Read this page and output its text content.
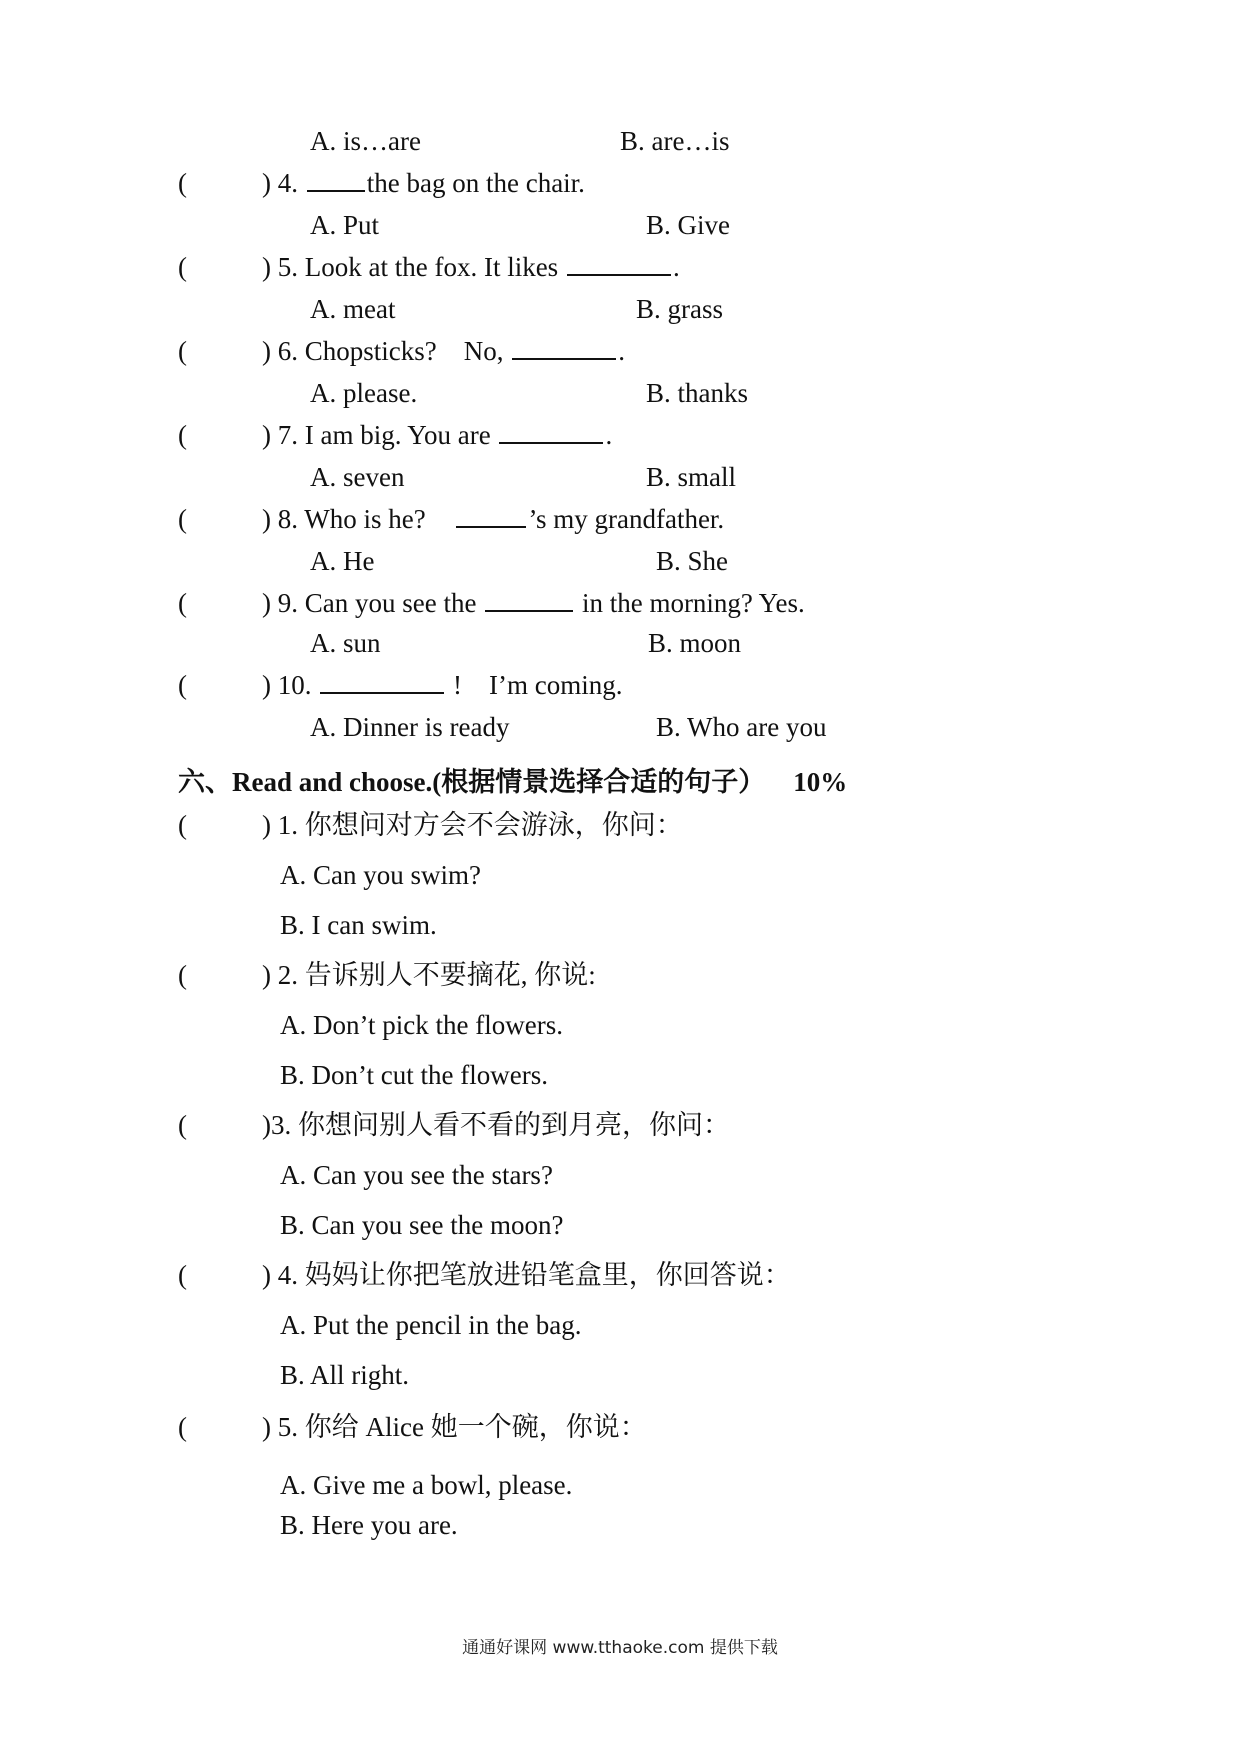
A. is…are	B. are…is
(	) 4.	the bag on the chair.
A. Put	B. Give
(	) 5. Look at the fox. It likes	.
A. meat	B. grass
(	) 6. Chopsticks?    No,	.
A. please.	B. thanks
(	) 7. I am big. You are	.
A. seven	B. small
(	) 8. Who is he?	’s my grandfather.
A. He	B. She
(	) 9. Can you see the	in the morning? Yes.
A. sun	B. moon
(	) 10.	!    I’m coming.
A. Dinner is ready	B. Who are you
六、Read and choose.(根据情景选择合适的句子） 10%
(	) 1. 你想问对方会不会游泳，你问：
A. Can you swim?
B. I can swim.
(	) 2. 告诉别人不要摘花, 你说:
A. Don’t pick the flowers.
B. Don’t cut the flowers.
(	)3. 你想问别人看不看的到月亮，你问：
A. Can you see the stars?
B. Can you see the moon?
(	) 4. 妈妈让你把笔放进铅笔盒里，你回答说：
A. Put the pencil in the bag.
B. All right.
(	) 5. 你给 Alice 她一个碗，你说：
A. Give me a bowl, please.
B. Here you are.
通通好课网 www.tthaoke.com 提供下载
